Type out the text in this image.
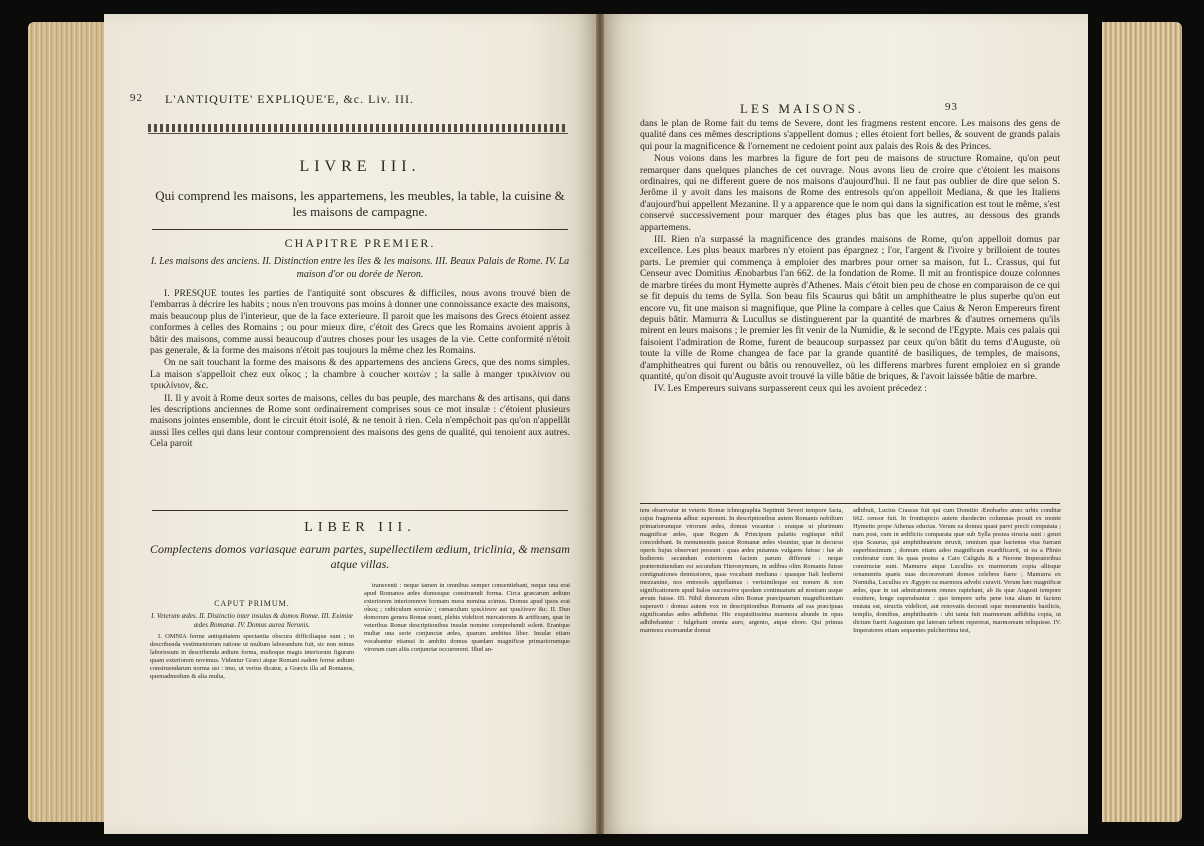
92 L'ANTIQUITE' EXPLIQUE'E, &c. Liv. III.
LIVRE III.
Qui comprend les maisons, les appartemens, les meubles, la table, la cuisine & les maisons de campagne.
CHAPITRE PREMIER.
I. Les maisons des anciens. II. Distinction entre les îles & les maisons. III. Beaux Palais de Rome. IV. La maison d'or ou dorée de Neron.

I. PRESQUE toutes les parties de l'antiquité sont obscures & difficiles, nous avons trouvé bien de l'embarras à décrire les habits ; nous n'en trouvons pas moins à donner une connoissance exacte des maisons, mais beaucoup plus de l'interieur, que de la face exterieure. Il paroit que les maisons des Grecs étoient assez conformes à celles des Romains ; ou pour mieux dire, c'étoit des Grecs que les Romains avoient appris à bâtir des maisons, comme aussi beaucoup d'autres choses pour les usages de la vie. Cette conformité n'étoit pas generale, & la forme des maisons n'étoit pas toujours la même chez les Romains.

On ne sait touchant la forme des maisons & des appartemens des anciens Grecs, que des noms simples. La maison s'appelloit chez eux οἶκος ; la chambre à coucher κοιτὼν ; la salle à manger τρικλίνιον ou τρικλίνιον, &c.

II. Il y avoit à Rome deux sortes de maisons, celles du bas peuple, des marchans & des artisans, qui dans les descriptions anciennes de Rome sont ordinairement comprises sous ce mot insulæ : c'étoient plusieurs maisons jointes ensemble, dont le circuit étoit isolé, & ne tenoit à rien. Cela n'empêchoit pas qu'on n'appellât aussi îles celles qui dans leur contour comprenoient des maisons des gens de qualité, qui tenoient aux autres. Cela paroit

LIBER III.
Complectens domos variasque earum partes, supellectilem ædium, triclinia, & mensam atque villas.
CAPUT PRIMUM.
I. Veterum ædes. II. Distinctio inter insulas & domos Romæ. III. Eximiæ ædes Romanæ. IV. Domus aurea Neronis.

I. OMNIA ferme antiquitatem spectantia obscura difficiliaque sunt ; in describenda vestimentorum ratione ut multum laborandum fuit, sic non minus laboriosum in describenda ædium forma, multoque magis interiorum figuram quam exteriorem novimus. Videntur Græci atque Romani eadem ferme ædium construendarum norma usi : imo, ut verius dicatur, a Græcis illa ad Romanos, quemadmodum & alia multa,

transvenit : neque tamen in omnibus semper consentiebant, neque una erat apud Romanos ædes domosque construendi forma. Circa græcarum ædium exteriorem interioremve formam mera nomina scimus. Domus apud ipsos erat οἶκος ; cubiculum κοιτὼν ; cœnaculum τρικλίνιον aut τρικλίνιον &c. II. Duo domorum genera Romæ erant, plebis videlicet mercatorum & artificum, quæ in veteribus Romæ descriptionibus insulæ nomine comprehendi solent. Erantque multæ una serie conjunctæ ædes, quarum ambitus liber. Insulæ etiam vocabantur etiamsi in ambitu domus quædam magnificæ primariorumque virorum cum aliis conjunctæ occurrerent. Illud an-

LES MAISONS.	93

dans le plan de Rome fait du tems de Severe, dont les fragmens restent encore. Les maisons des gens de qualité dans ces mêmes descriptions s'appellent domus ; elles étoient fort belles, & souvent de grands palais qui pour la magnificence & l'ornement ne cedoient point aux palais des Rois & des Princes.

Nous voions dans les marbres la figure de fort peu de maisons de structure Romaine, qu'on peut remarquer dans quelques planches de cet ouvrage. Nous avons lieu de croire que c'étoient les maisons ordinaires, qui ne different guere de nos maisons d'aujourd'hui. Il ne faut pas oublier de dire que selon S. Jerôme il y avoit dans les maisons de Rome des entresols qu'on appelloit Mediana, & que les Italiens d'aujourd'hui appellent Mezanine. Il y a apparence que le nom qui dans la signification est tout le même, s'est conservé successivement pour marquer des étages plus bas que les autres, au dessous des grands appartemens.

III. Rien n'a surpassé la magnificence des grandes maisons de Rome, qu'on appelloit domus par excellence. Les plus beaux marbres n'y etoient pas épargnez ; l'or, l'argent & l'ivoire y brilloient de toutes parts. Le premier qui commença à emploier des marbres pour orner sa maison, fut L. Crassus, qui fut Censeur avec Domitius Ænobarbus l'an 662. de la fondation de Rome. Il mit au frontispice douze colonnes de marbre tirées du mont Hymette auprès d'Athenes. Mais c'étoit bien peu de chose en comparaison de ce qui se fit depuis du tems de Sylla. Son beau fils Scaurus qui bâtit un amphitheatre le plus superbe qu'on eut encore vu, fit une maison si magnifique, que Pline la compare à celles que Caius & Neron Empereurs firent depuis bâtir. Mamurra & Lucullus se distinguerent par la quantité de marbres & d'autres ornemens qu'ils mirent en leurs maisons ; le premier les fit venir de la Numidie, & le second de l'Egypte. Mais ces palais qui faisoient l'admiration de Rome, furent de beaucoup surpassez par ceux qu'on bâtit du tems d'Auguste, où toute la ville de Rome changea de face par la grande quantité de basiliques, de temples, de maisons, d'amphitheatres qui furent ou bâtis ou renouvellez, où les differens marbres furent emploiez en si grande quantité, qu'on disoit qu'Auguste avoit trouvé la ville bâtie de briques, & l'avoit laissée bâtie de marbre.

IV. Les Empereurs suivans surpasserent ceux qui les avoient précedez :

tem observatur in veteris Romæ ichnographia Septimii Severi tempore facta, cujus fragmenta adhuc supersunt. In descriptionibus autem Romanis nobilium primariorumque virorum ædes, domus vocantur : eratque ut plurimum magnificæ ædes, quæ Regum & Principum palatiis regiisque nihil concedebant. In monumentis paucæ Romanæ ædes visuntur, quæ in decursu operis hujus observari possunt : quas ædes putamus vulgares fuisse : hæ ab hodiernis secundum exteriorem faciem parum differunt : neque prætermittendum est secundum Hieronymum, in ædibus olim Romanis fuisse contignationes demissiores, quas vocabant mediana : quasque Itali hodierni mezzanine, nos entresols appellamus : verisimileque est nomen & non significationem apud Italos successive quodam continuatum ad nostram usque ævum fuisse. III. Nihil domorum olim Romæ præcipuarum magnificentiam superavit : domus autem vox in descriptionibus Romanis ad eas præcipuas significandas ædes adhibetur. Hic exquisitissima marmora abunde in opus adhibebantur : fulgebant omnia auro, argento, atque ebore. Qui primus marmora exornandæ domui

adhibuit, Lucius Crassus fuit qui cum Domitio Ænobarbo anno urbis conditæ 662. censor fuit. In frontispicio autem duodecim columnas posuit ex monte Hymetto prope Athenas eductas. Verum ea domus quasi parvi precii computata ; nam post, cum in ædificiis comparata quæ sub Sylla postea structa sunt : genet ejus Scaurus, qui amphitheatrum struxit, omnium quæ hactenus visa fuerant superbissimum ; domum etiam adeo magnificam exædificavit, ut ea a Plinio conferatur cum iis quas postea a Caio Caligula & a Nerone Imperatoribus constructæ sunt. Mamurra atque Lucullus ex marmorum copia aliisque ornamentis quæis suas decoraverant domos celebres fuere ; Mamurra ex Numidia, Lucullus ex Ægypto ea marmora advehi curavit. Verum hæc magnificæ ædes, quæ in sui admirationem omnes rapiebant, ab iis quæ Augusti tempore exstitere, longe superabantur : quo tempore urbs pene tota aliam in faciem mutata est, structis videlicet, aut renovatis decorati sque monumentis basilicis, templis, domibus, amphitheatris : ubi tanta fuit marmorum adhibita copia, ut dictum fuerit Augustum qui lateram urbem repererat, marmoream reliquisse. IV. Imperatores etiam sequentes pulcherrima tesi,
